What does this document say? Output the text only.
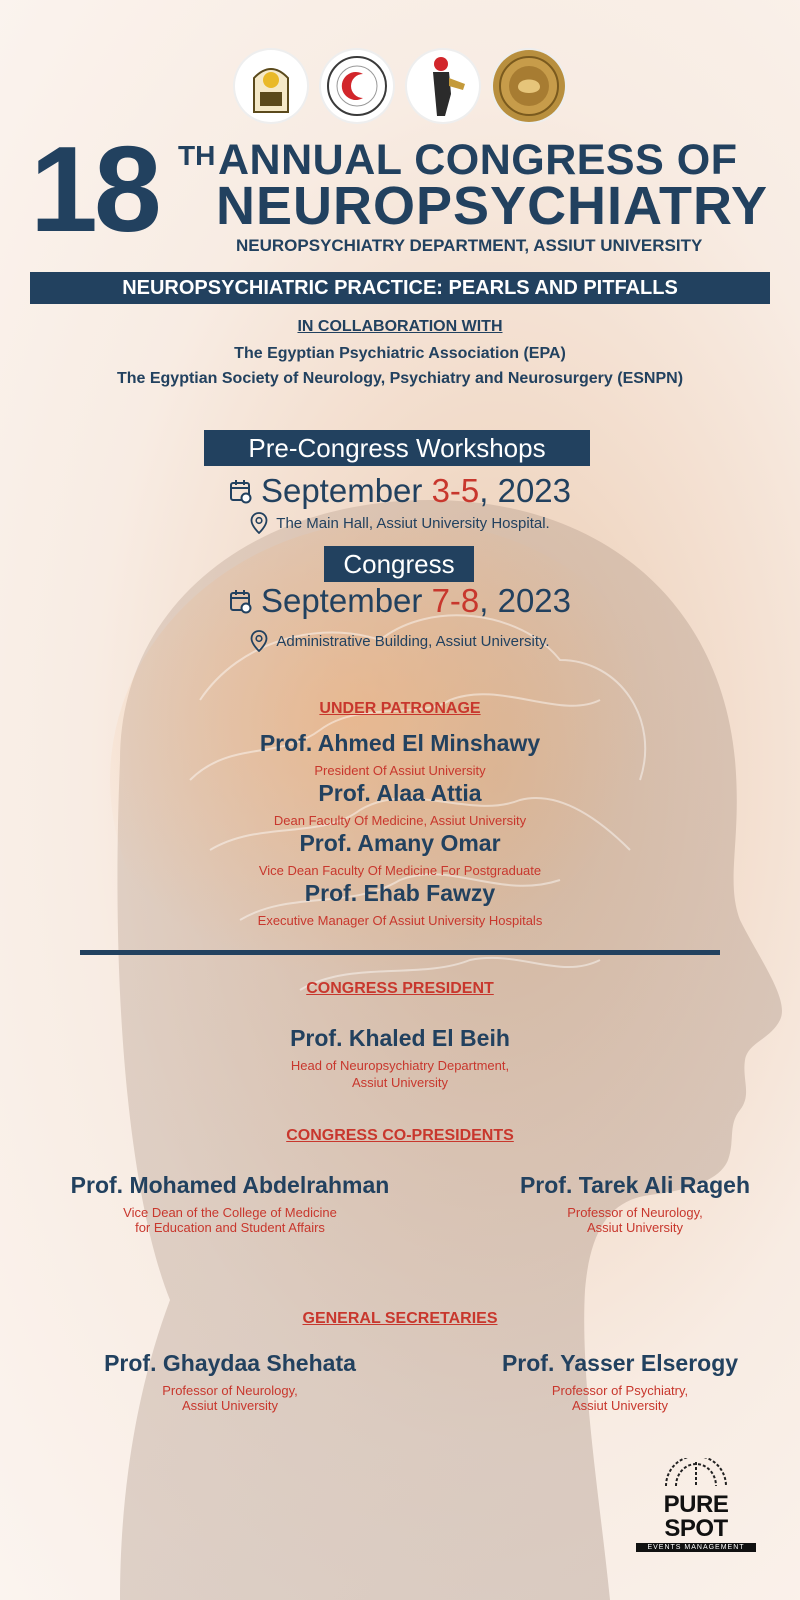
18 TH ANNUAL CONGRESS OF
NEUROPSYCHIATRY
NEUROPSYCHIATRY DEPARTMENT, ASSIUT UNIVERSITY
NEUROPSYCHIATRIC PRACTICE: PEARLS AND PITFALLS
IN COLLABORATION WITH
The Egyptian Psychiatric Association (EPA)
The Egyptian Society of Neurology, Psychiatry and Neurosurgery (ESNPN)
Pre-Congress Workshops
September 3-5, 2023
The Main Hall, Assiut University Hospital.
Congress
September 7-8, 2023
Administrative Building, Assiut University.
UNDER PATRONAGE
Prof. Ahmed El Minshawy
President Of Assiut University
Prof. Alaa Attia
Dean Faculty Of Medicine, Assiut University
Prof. Amany Omar
Vice Dean Faculty Of Medicine For Postgraduate
Prof. Ehab Fawzy
Executive Manager Of Assiut University Hospitals
CONGRESS PRESIDENT
Prof. Khaled El Beih
Head of Neuropsychiatry Department,
Assiut University
CONGRESS CO-PRESIDENTS
Prof. Mohamed Abdelrahman
Vice Dean of the College of Medicine
for Education and Student Affairs
Prof. Tarek Ali Rageh
Professor of Neurology,
Assiut University
GENERAL SECRETARIES
Prof. Ghaydaa Shehata
Professor of Neurology,
Assiut University
Prof. Yasser Elserogy
Professor of Psychiatry,
Assiut University
PURE SPOT
EVENTS MANAGEMENT
